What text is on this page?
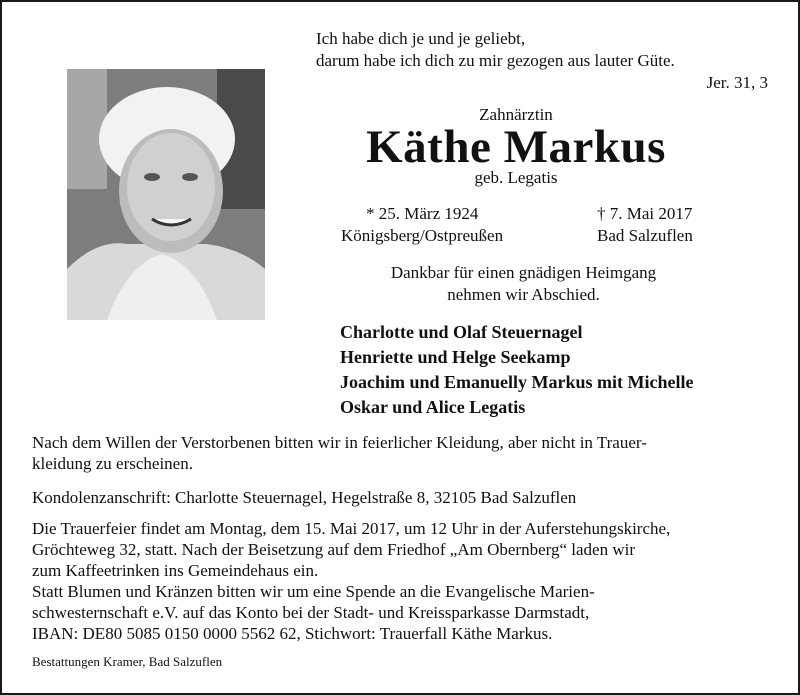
Ich habe dich je und je geliebt,
darum habe ich dich zu mir gezogen aus lauter Güte.
Jer. 31, 3
Zahnärztin
Käthe Markus
geb. Legatis
* 25. März 1924
Königsberg/Ostpreußen
† 7. Mai 2017
Bad Salzuflen
Dankbar für einen gnädigen Heimgang
nehmen wir Abschied.
Charlotte und Olaf Steuernagel
Henriette und Helge Seekamp
Joachim und Emanuelly Markus mit Michelle
Oskar und Alice Legatis
Nach dem Willen der Verstorbenen bitten wir in feierlicher Kleidung, aber nicht in Trauer-
kleidung zu erscheinen.
Kondolenzanschrift: Charlotte Steuernagel, Hegelstraße 8, 32105 Bad Salzuflen
Die Trauerfeier findet am Montag, dem 15. Mai 2017, um 12 Uhr in der Auferstehungskirche,
Gröchteweg 32, statt. Nach der Beisetzung auf dem Friedhof „Am Obernberg“ laden wir
zum Kaffeetrinken ins Gemeindehaus ein.
Statt Blumen und Kränzen bitten wir um eine Spende an die Evangelische Marien-
schwesternschaft e.V. auf das Konto bei der Stadt- und Kreissparkasse Darmstadt,
IBAN: DE80 5085 0150 0000 5562 62, Stichwort: Trauerfall Käthe Markus.
Bestattungen Kramer, Bad Salzuflen
